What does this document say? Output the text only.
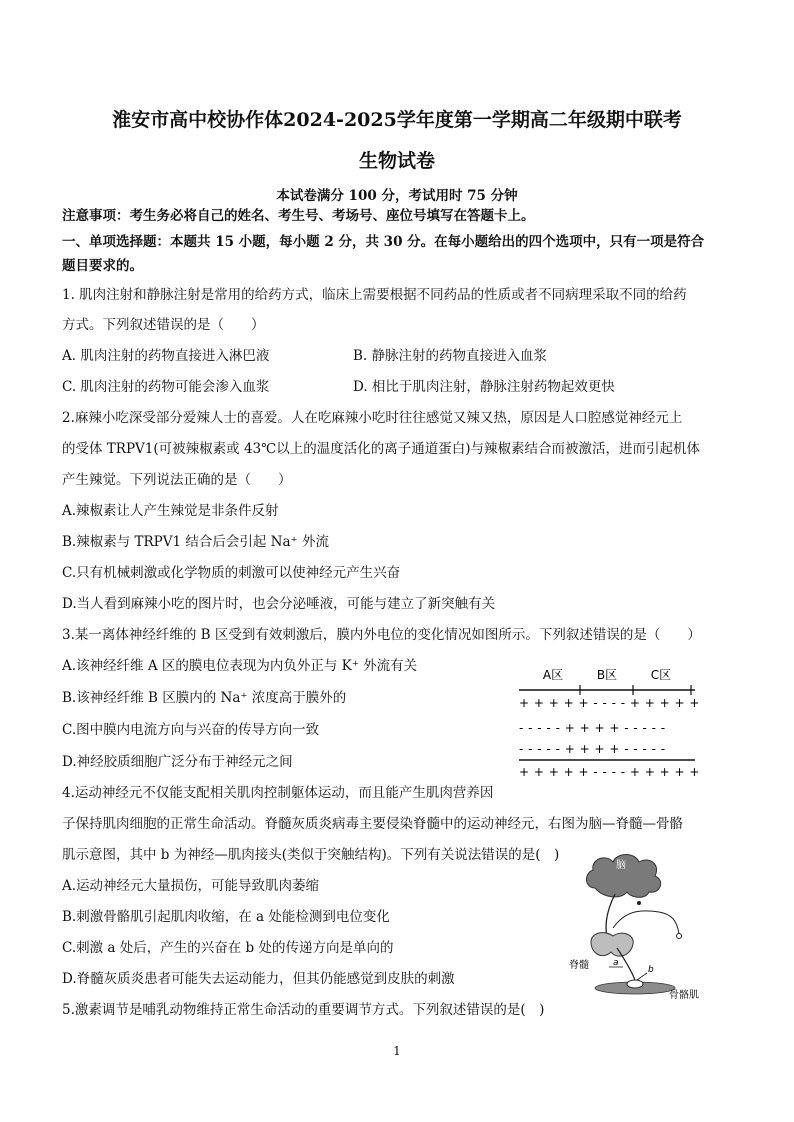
淮安市高中校协作体2024-2025学年度第一学期高二年级期中联考
生物试卷
本试卷满分 100 分，考试用时 75 分钟
注意事项：考生务必将自己的姓名、考生号、考场号、座位号填写在答题卡上。
一、单项选择题：本题共 15 小题，每小题 2 分，共 30 分。在每小题给出的四个选项中，只有一项是符合
题目要求的。
1. 肌肉注射和静脉注射是常用的给药方式，临床上需要根据不同药品的性质或者不同病理采取不同的给药
方式。下列叙述错误的是（　　）
A. 肌肉注射的药物直接进入淋巴液	B. 静脉注射的药物直接进入血浆
C. 肌肉注射的药物可能会渗入血浆	D. 相比于肌肉注射，静脉注射药物起效更快
2.麻辣小吃深受部分爱辣人士的喜爱。人在吃麻辣小吃时往往感觉又辣又热，原因是人口腔感觉神经元上
的受体 TRPV1(可被辣椒素或 43℃以上的温度活化的离子通道蛋白)与辣椒素结合而被激活，进而引起机体
产生辣觉。下列说法正确的是（　　）
A.辣椒素让人产生辣觉是非条件反射
B.辣椒素与 TRPV1 结合后会引起 Na⁺ 外流
C.只有机械刺激或化学物质的刺激可以使神经元产生兴奋
D.当人看到麻辣小吃的图片时，也会分泌唾液，可能与建立了新突触有关
3.某一离体神经纤维的 B 区受到有效刺激后，膜内外电位的变化情况如图所示。下列叙述错误的是（　　）
A.该神经纤维 A 区的膜电位表现为内负外正与 K⁺ 外流有关
B.该神经纤维 B 区膜内的 Na⁺ 浓度高于膜外的
C.图中膜内电流方向与兴奋的传导方向一致
D.神经胶质细胞广泛分布于神经元之间
A区	B区	C区
+ + + + + - - - - + + + + +
- - - - - + + + + - - - - -
- - - - - + + + + - - - - -
+ + + + + - - - - + + + + +
4.运动神经元不仅能支配相关肌肉控制躯体运动，而且能产生肌肉营养因
子保持肌肉细胞的正常生命活动。脊髓灰质炎病毒主要侵染脊髓中的运动神经元，右图为脑—脊髓—骨骼
肌示意图，其中 b 为神经—肌肉接头(类似于突触结构)。下列有关说法错误的是(　)
A.运动神经元大量损伤，可能导致肌肉萎缩
B.刺激骨骼肌引起肌肉收缩，在 a 处能检测到电位变化
C.刺激 a 处后，产生的兴奋在 b 处的传递方向是单向的
D.脊髓灰质炎患者可能失去运动能力，但其仍能感觉到皮肤的刺激
脑
脊髓	a
b
骨骼肌
5.激素调节是哺乳动物维持正常生命活动的重要调节方式。下列叙述错误的是(　)
1
